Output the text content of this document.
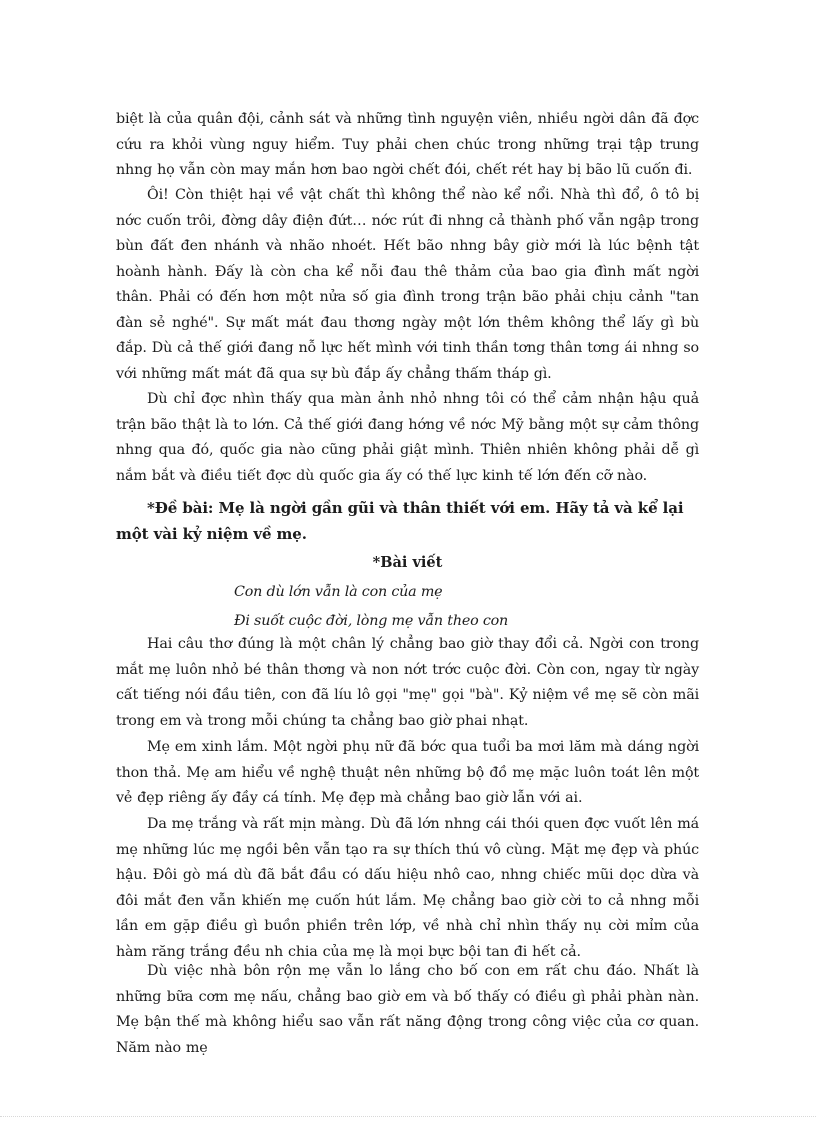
biệt là của quân đội, cảnh sát và những tình nguyện viên, nhiều ngời dân đã đợc cứu ra khỏi vùng nguy hiểm. Tuy phải chen chúc trong những trại tập trung nhng họ vẫn còn may mắn hơn bao ngời chết đói, chết rét hay bị bão lũ cuốn đi.

Ôi! Còn thiệt hại về vật chất thì không thể nào kể nổi. Nhà thì đổ, ô tô bị nớc cuốn trôi, đờng dây điện đứt… nớc rút đi nhng cả thành phố vẫn ngập trong bùn đất đen nhánh và nhão nhoét. Hết bão nhng bây giờ mới là lúc bệnh tật hoành hành. Đấy là còn cha kể nỗi đau thê thảm của bao gia đình mất ngời thân. Phải có đến hơn một nửa số gia đình trong trận bão phải chịu cảnh "tan đàn sẻ nghé". Sự mất mát đau thơng ngày một lớn thêm không thể lấy gì bù đắp. Dù cả thế giới đang nỗ lực hết mình với tinh thần tơng thân tơng ái nhng so với những mất mát đã qua sự bù đắp ấy chẳng thấm tháp gì.

Dù chỉ đợc nhìn thấy qua màn ảnh nhỏ nhng tôi có thể cảm nhận hậu quả trận bão thật là to lớn. Cả thế giới đang hớng về nớc Mỹ bằng một sự cảm thông nhng qua đó, quốc gia nào cũng phải giật mình. Thiên nhiên không phải dễ gì nắm bắt và điều tiết đợc dù quốc gia ấy có thế lực kinh tế lớn đến cỡ nào.

*Đề bài: Mẹ là ngời gần gũi và thân thiết với em. Hãy tả và kể lại một vài kỷ niệm về mẹ.

*Bài viết

Con dù lớn vẫn là con của mẹ

Đi suốt cuộc đời, lòng mẹ vẫn theo con

Hai câu thơ đúng là một chân lý chẳng bao giờ thay đổi cả. Ngời con trong mắt mẹ luôn nhỏ bé thân thơng và non nớt trớc cuộc đời. Còn con, ngay từ ngày cất tiếng nói đầu tiên, con đã líu lô gọi "mẹ" gọi "bà". Kỷ niệm về mẹ sẽ còn mãi trong em và trong mỗi chúng ta chẳng bao giờ phai nhạt.

Mẹ em xinh lắm. Một ngời phụ nữ đã bớc qua tuổi ba mơi lăm mà dáng ngời thon thả. Mẹ am hiểu về nghệ thuật nên những bộ đồ mẹ mặc luôn toát lên một vẻ đẹp riêng ấy đầy cá tính. Mẹ đẹp mà chẳng bao giờ lẫn với ai.

Da mẹ trắng và rất mịn màng. Dù đã lớn nhng cái thói quen đợc vuốt lên má mẹ những lúc mẹ ngồi bên vẫn tạo ra sự thích thú vô cùng. Mặt mẹ đẹp và phúc hậu. Đôi gò má dù đã bắt đầu có dấu hiệu nhô cao, nhng chiếc mũi dọc dừa và đôi mắt đen vẫn khiến mẹ cuốn hút lắm. Mẹ chẳng bao giờ cời to cả nhng mỗi lần em gặp điều gì buồn phiền trên lớp, về nhà chỉ nhìn thấy nụ cời mỉm của hàm răng trắng đều nh chia của mẹ là mọi bực bội tan đi hết cả.

Dù việc nhà bôn rộn mẹ vẫn lo lắng cho bố con em rất chu đáo. Nhất là những bữa cơm mẹ nấu, chẳng bao giờ em và bố thấy có điều gì phải phàn nàn. Mẹ bận thế mà không hiểu sao vẫn rất năng động trong công việc của cơ quan. Năm nào mẹ
